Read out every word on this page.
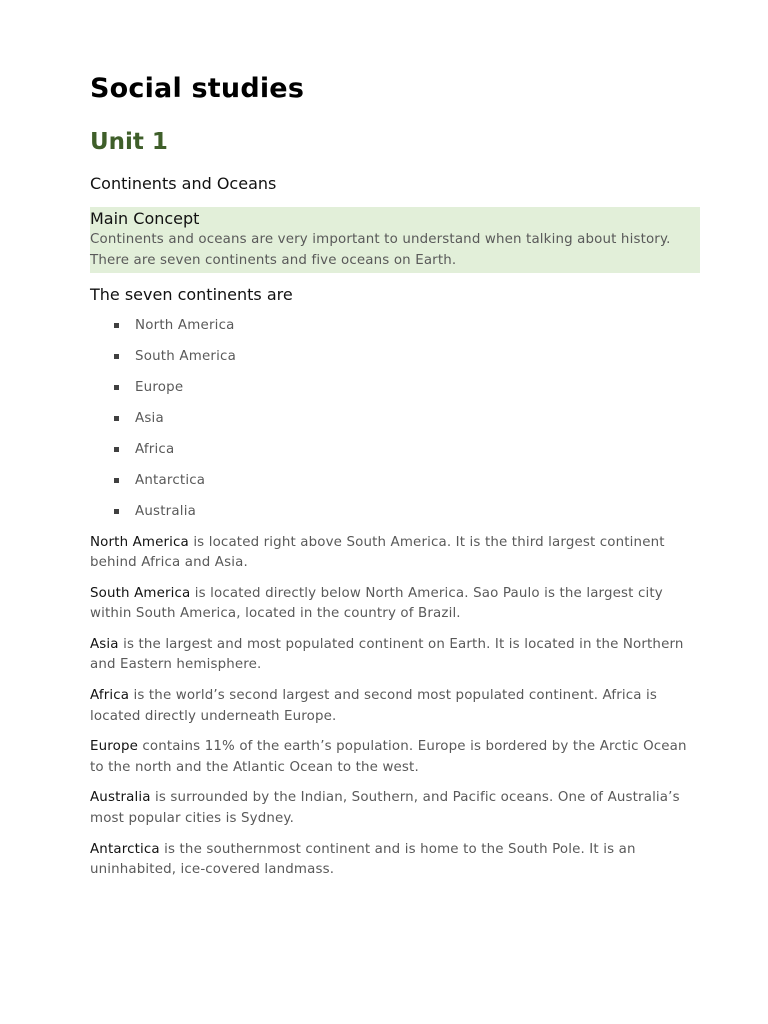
Social studies
Unit 1
Continents and Oceans
Main Concept
Continents and oceans are very important to understand when talking about history. There are seven continents and five oceans on Earth.
The seven continents are
North America
South America
Europe
Asia
Africa
Antarctica
Australia

North America is located right above South America. It is the third largest continent behind Africa and Asia.

South America is located directly below North America. Sao Paulo is the largest city within South America, located in the country of Brazil.

Asia is the largest and most populated continent on Earth. It is located in the Northern and Eastern hemisphere.

Africa is the world’s second largest and second most populated continent. Africa is located directly underneath Europe.

Europe contains 11% of the earth’s population. Europe is bordered by the Arctic Ocean to the north and the Atlantic Ocean to the west.

Australia is surrounded by the Indian, Southern, and Pacific oceans. One of Australia’s most popular cities is Sydney.

Antarctica is the southernmost continent and is home to the South Pole. It is an uninhabited, ice-covered landmass.
